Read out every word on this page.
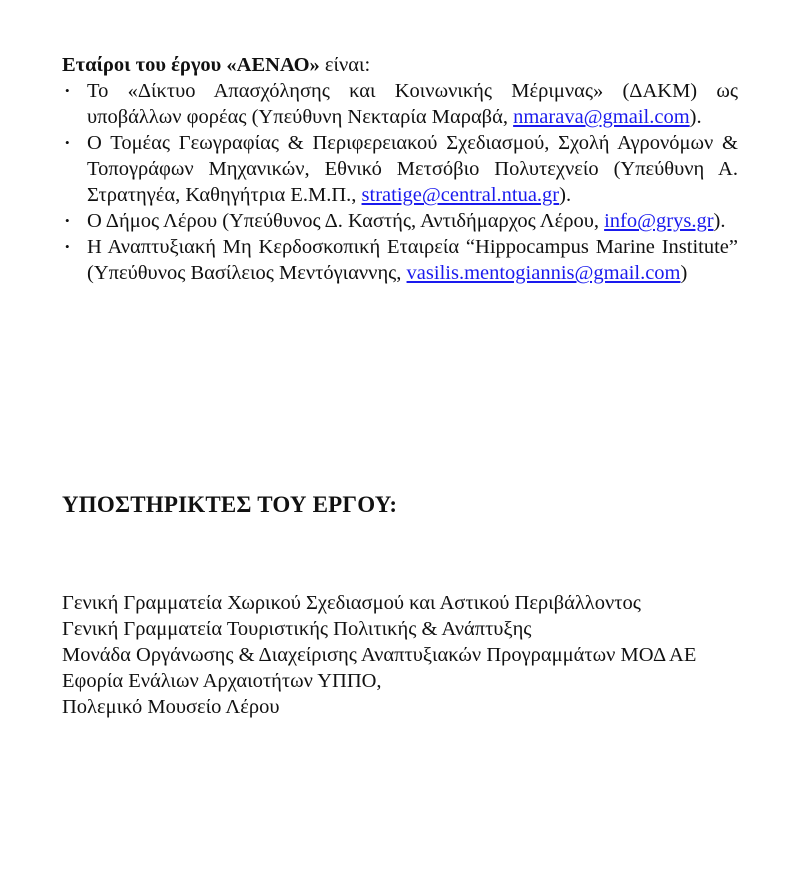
Εταίροι του έργου «ΑΕΝΑΟ» είναι:

• Το «Δίκτυο Απασχόλησης και Κοινωνικής Μέριμνας» (ΔΑΚΜ) ως υποβάλλων φορέας (Υπεύθυνη Νεκταρία Μαραβά, nmarava@gmail.com).
• Ο Τομέας Γεωγραφίας & Περιφερειακού Σχεδιασμού, Σχολή Αγρονόμων & Τοπογράφων Μηχανικών, Εθνικό Μετσόβιο Πολυτεχνείο (Υπεύθυνη Α. Στρατηγέα, Καθηγήτρια Ε.Μ.Π., stratige@central.ntua.gr).
• Ο Δήμος Λέρου (Υπεύθυνος Δ. Καστής, Αντιδήμαρχος Λέρου, info@grys.gr).
• Η Αναπτυξιακή Μη Κερδοσκοπική Εταιρεία “Hippocampus Marine Institute” (Υπεύθυνος Βασίλειος Μεντόγιαννης, vasilis.mentogiannis@gmail.com)
ΥΠΟΣΤΗΡΙΚΤΕΣ ΤΟΥ ΕΡΓΟΥ:
Γενική Γραμματεία Χωρικού Σχεδιασμού και Αστικού Περιβάλλοντος
Γενική Γραμματεία Τουριστικής Πολιτικής & Ανάπτυξης
Μονάδα Οργάνωσης & Διαχείρισης Αναπτυξιακών Προγραμμάτων ΜΟΔ ΑΕ
Εφορία Ενάλιων Αρχαιοτήτων ΥΠΠΟ,
Πολεμικό Μουσείο Λέρου
